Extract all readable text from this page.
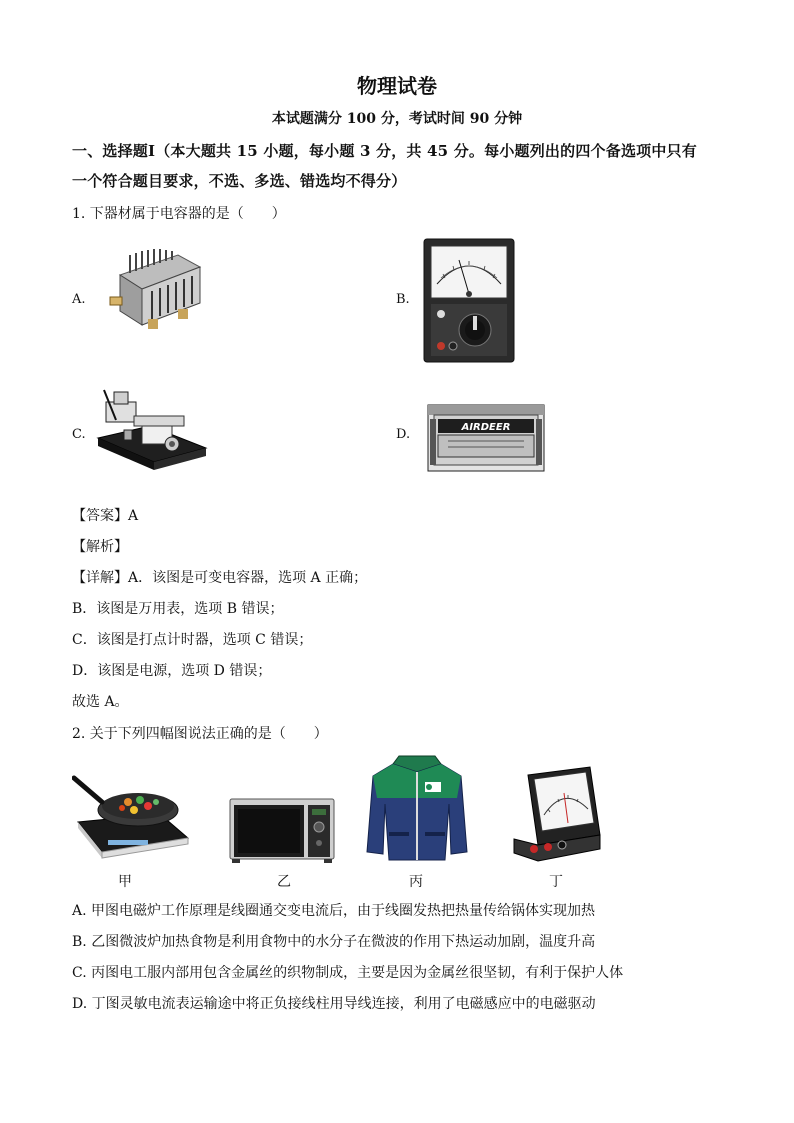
物理试卷
本试题满分 100 分，考试时间 90 分钟
一、选择题Ⅰ（本大题共 15 小题，每小题 3 分，共 45 分。每小题列出的四个备选项中只有
一个符合题目要求，不选、多选、错选均不得分）
1. 下器材属于电容器的是（　　）
A.	B.
C.	D.	AIRDEER
【答案】A
【解析】
【详解】A．该图是可变电容器，选项 A 正确；
B．该图是万用表，选项 B 错误；
C．该图是打点计时器，选项 C 错误；
D．该图是电源，选项 D 错误；
故选 A。
2. 关于下列四幅图说法正确的是（　　）
甲	乙	丙	丁
A. 甲图电磁炉工作原理是线圈通交变电流后，由于线圈发热把热量传给锅体实现加热
B. 乙图微波炉加热食物是利用食物中的水分子在微波的作用下热运动加剧，温度升高
C. 丙图电工服内部用包含金属丝的织物制成，主要是因为金属丝很坚韧，有利于保护人体
D. 丁图灵敏电流表运输途中将正负接线柱用导线连接，利用了电磁感应中的电磁驱动
